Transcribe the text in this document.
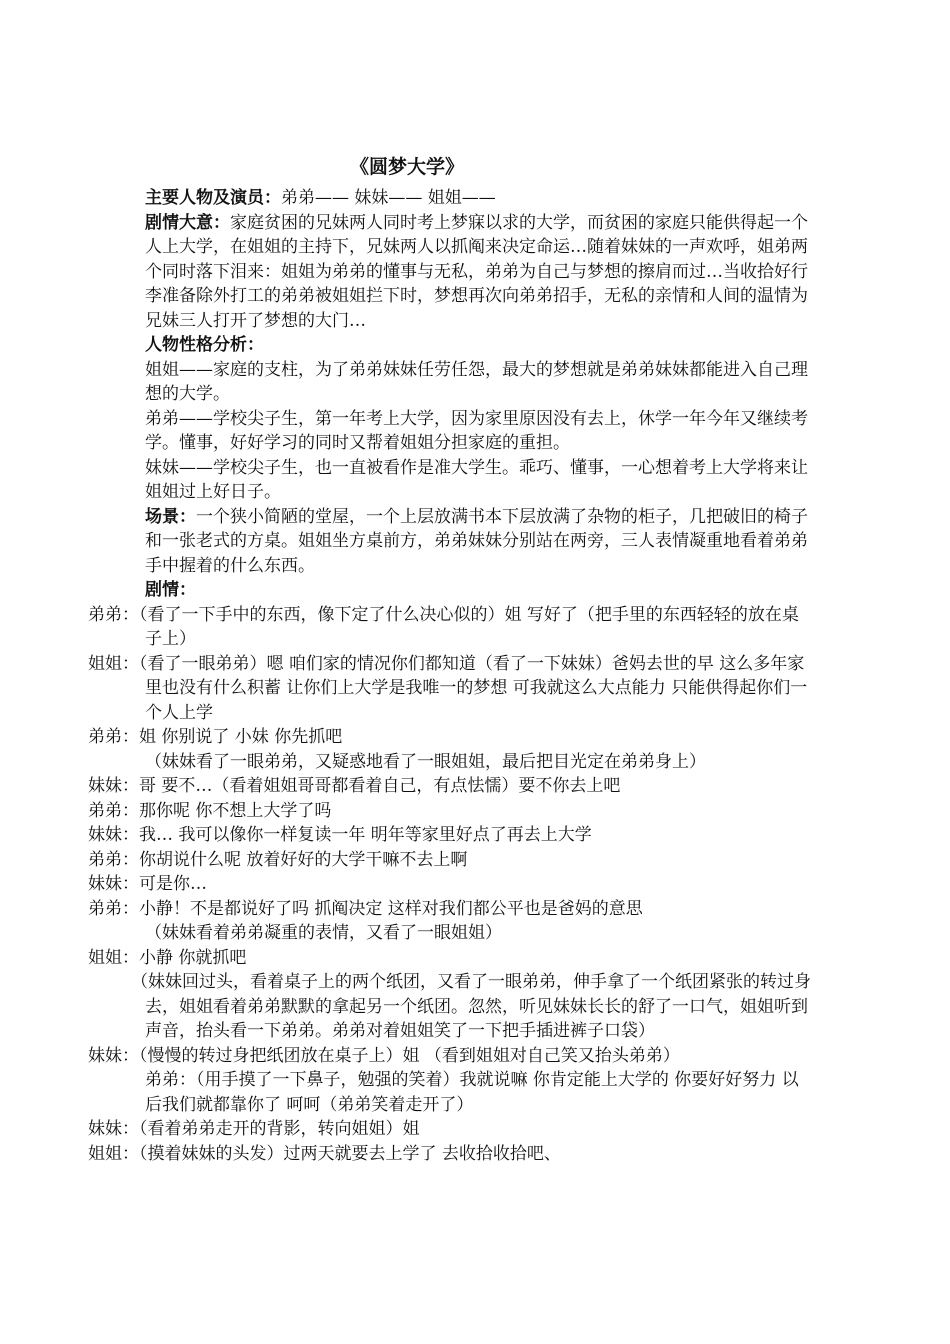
《圆梦大学》

主要人物及演员：弟弟—— 妹妹—— 姐姐——

剧情大意：家庭贫困的兄妹两人同时考上梦寐以求的大学，而贫困的家庭只能供得起一个人上大学，在姐姐的主持下，兄妹两人以抓阄来决定命运…随着妹妹的一声欢呼，姐弟两个同时落下泪来：姐姐为弟弟的懂事与无私，弟弟为自己与梦想的擦肩而过…当收拾好行李准备除外打工的弟弟被姐姐拦下时，梦想再次向弟弟招手，无私的亲情和人间的温情为兄妹三人打开了梦想的大门…

人物性格分析：

姐姐——家庭的支柱，为了弟弟妹妹任劳任怨，最大的梦想就是弟弟妹妹都能进入自己理想的大学。

弟弟——学校尖子生，第一年考上大学，因为家里原因没有去上，休学一年今年又继续考学。懂事，好好学习的同时又帮着姐姐分担家庭的重担。

妹妹——学校尖子生，也一直被看作是准大学生。乖巧、懂事，一心想着考上大学将来让姐姐过上好日子。

场景：一个狭小简陋的堂屋，一个上层放满书本下层放满了杂物的柜子，几把破旧的椅子和一张老式的方桌。姐姐坐方桌前方，弟弟妹妹分别站在两旁，三人表情凝重地看着弟弟手中握着的什么东西。

剧情：

弟弟：（看了一下手中的东西，像下定了什么决心似的）姐 写好了（把手里的东西轻轻的放在桌子上）

姐姐：（看了一眼弟弟）嗯 咱们家的情况你们都知道（看了一下妹妹）爸妈去世的早 这么多年家里也没有什么积蓄 让你们上大学是我唯一的梦想 可我就这么大点能力 只能供得起你们一个人上学

弟弟：姐 你别说了 小妹 你先抓吧

（妹妹看了一眼弟弟，又疑惑地看了一眼姐姐，最后把目光定在弟弟身上）

妹妹：哥 要不…（看着姐姐哥哥都看着自己，有点怯懦）要不你去上吧

弟弟：那你呢 你不想上大学了吗

妹妹：我… 我可以像你一样复读一年 明年等家里好点了再去上大学

弟弟：你胡说什么呢 放着好好的大学干嘛不去上啊

妹妹：可是你…

弟弟：小静！不是都说好了吗 抓阄决定 这样对我们都公平也是爸妈的意思

（妹妹看着弟弟凝重的表情，又看了一眼姐姐）

姐姐：小静 你就抓吧

（妹妹回过头，看着桌子上的两个纸团，又看了一眼弟弟，伸手拿了一个纸团紧张的转过身去，姐姐看着弟弟默默的拿起另一个纸团。忽然，听见妹妹长长的舒了一口气，姐姐听到声音，抬头看一下弟弟。弟弟对着姐姐笑了一下把手插进裤子口袋）

妹妹：（慢慢的转过身把纸团放在桌子上）姐 （看到姐姐对自己笑又抬头弟弟）

弟弟：（用手摸了一下鼻子，勉强的笑着）我就说嘛 你肯定能上大学的 你要好好努力 以后我们就都靠你了 呵呵（弟弟笑着走开了）

妹妹：（看着弟弟走开的背影，转向姐姐）姐

姐姐：（摸着妹妹的头发）过两天就要去上学了 去收拾收拾吧、
